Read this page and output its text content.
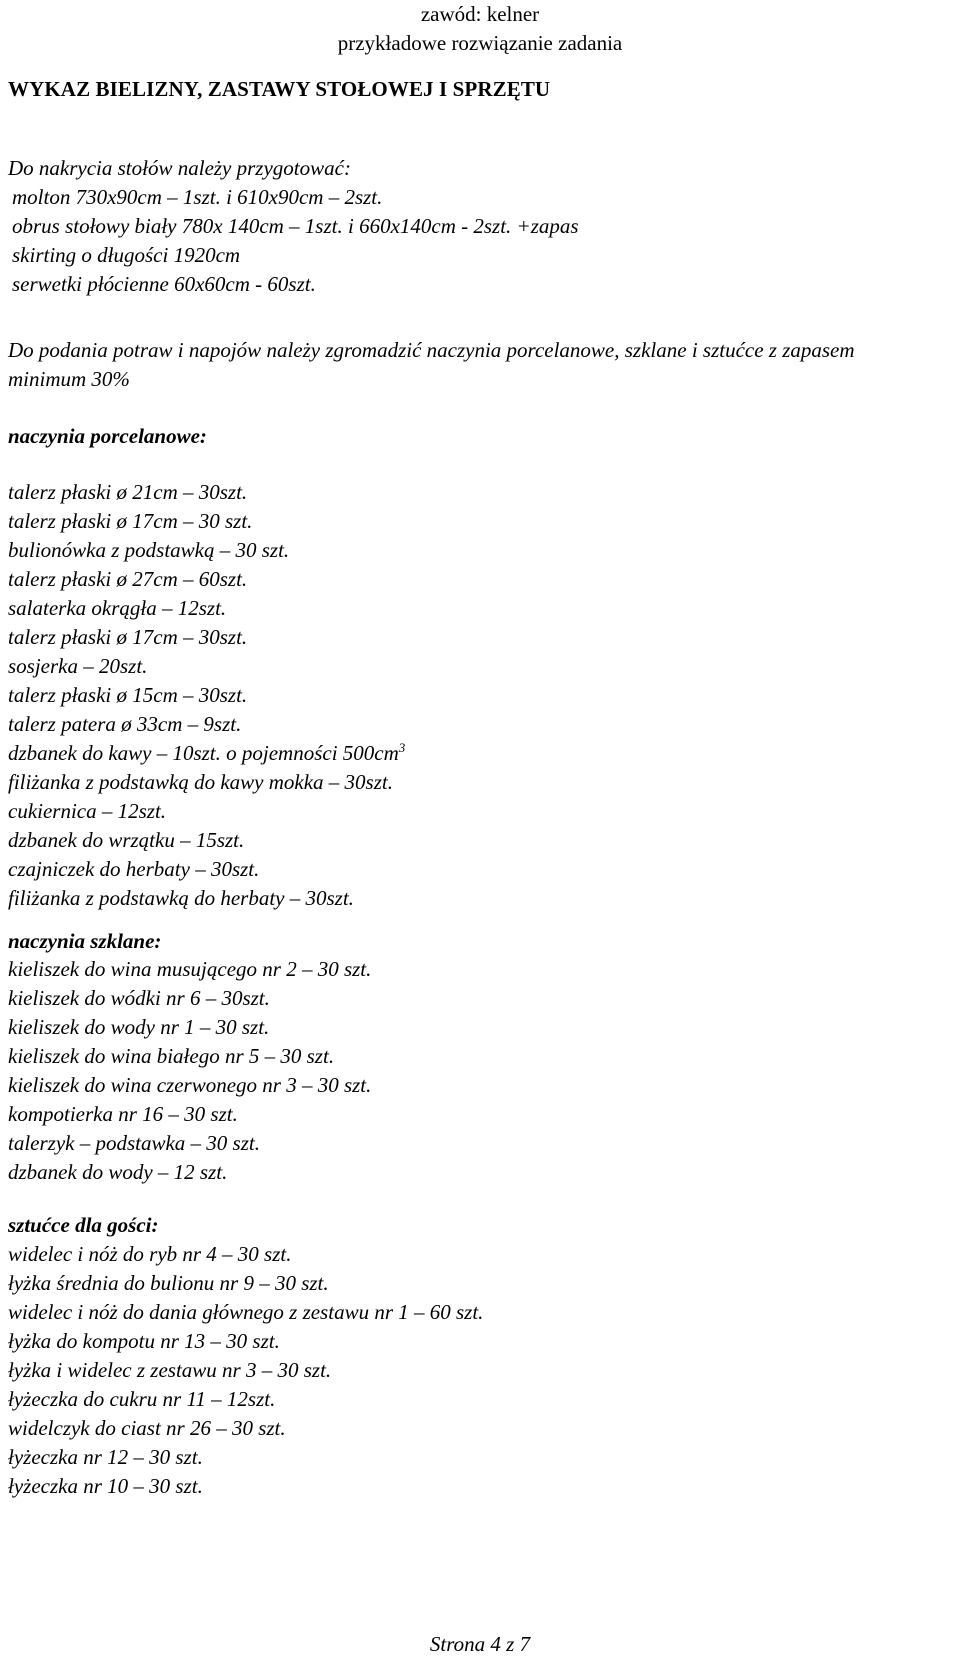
zawód: kelner
przykładowe rozwiązanie zadania
WYKAZ BIELIZNY, ZASTAWY STOŁOWEJ I SPRZĘTU
Do nakrycia stołów należy przygotować:
molton 730x90cm – 1szt. i 610x90cm – 2szt.
obrus stołowy biały 780x 140cm – 1szt. i 660x140cm - 2szt. +zapas
skirting o długości 1920cm
serwetki płócienne 60x60cm - 60szt.
Do podania potraw i napojów należy zgromadzić naczynia porcelanowe, szklane i sztućce z zapasem minimum 30%
naczynia porcelanowe:
talerz płaski ø 21cm – 30szt.
talerz płaski ø 17cm – 30 szt.
bulionówka z podstawką – 30 szt.
talerz płaski ø 27cm – 60szt.
salaterka okrągła – 12szt.
talerz płaski ø 17cm – 30szt.
sosjerka – 20szt.
talerz płaski ø 15cm – 30szt.
talerz patera ø 33cm – 9szt.
dzbanek do kawy – 10szt. o pojemności $500cm^3$
filiżanka z podstawką do kawy mokka – 30szt.
cukiernica – 12szt.
dzbanek do wrzątku – 15szt.
czajniczek do herbaty – 30szt.
filiżanka z podstawką do herbaty – 30szt.
naczynia szklane:
kieliszek do wina musującego nr 2 – 30 szt.
kieliszek do wódki nr 6 – 30szt.
kieliszek do wody nr 1 – 30 szt.
kieliszek do wina białego nr 5 – 30 szt.
kieliszek do wina czerwonego nr 3 – 30 szt.
kompotierka nr 16 – 30 szt.
talerzyk – podstawka – 30 szt.
dzbanek do wody – 12 szt.
sztućce dla gości:
widelec i nóż do ryb nr 4 – 30 szt.
łyżka średnia do bulionu nr 9 – 30 szt.
widelec i nóż do dania głównego z zestawu nr 1 – 60 szt.
łyżka do kompotu nr 13 – 30 szt.
łyżka i widelec z zestawu nr 3 – 30 szt.
łyżeczka do cukru nr 11 – 12szt.
widelczyk do ciast nr 26 – 30 szt.
łyżeczka nr 12 – 30 szt.
łyżeczka nr 10 – 30 szt.
Strona 4 z 7
